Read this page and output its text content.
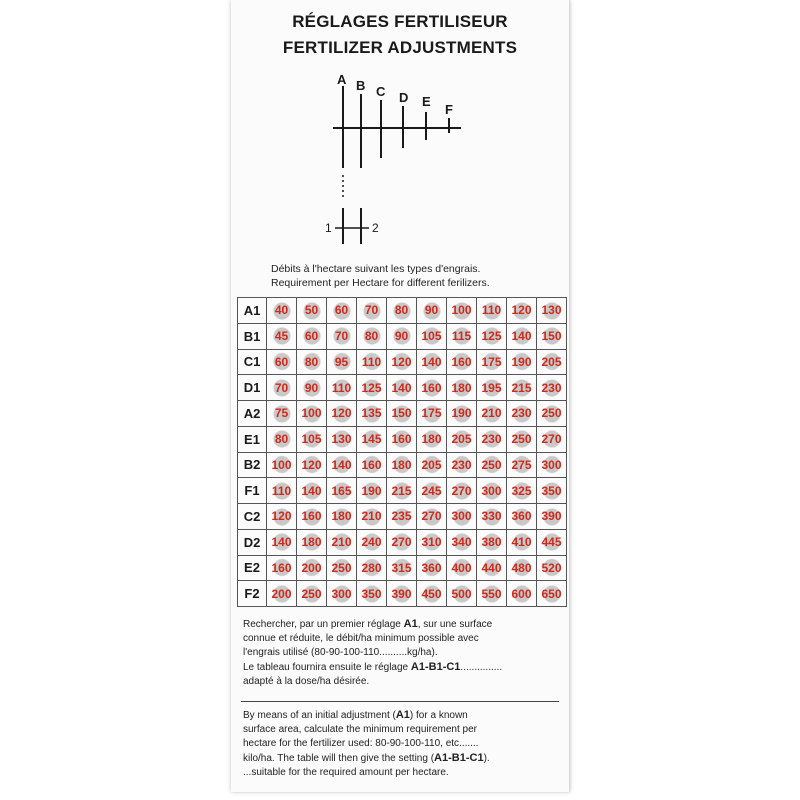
RÉGLAGES FERTILISEUR
FERTILIZER ADJUSTMENTS
A B C D E
F
1	2
Débits à l'hectare suivant les types d'engrais.
Requirement per Hectare for different ferilizers.
A1	40	50	60	70	80	90	100	110	120	130
B1	45	60	70	80	90	105	115	125	140	150
C1	60	80	95	110	120	140	160	175	190	205
D1	70	90	110	125	140	160	180	195	215	230
A2	75	100	120	135	150	175	190	210	230	250
E1	80	105	130	145	160	180	205	230	250	270
B2	100	120	140	160	180	205	230	250	275	300
F1	110	140	165	190	215	245	270	300	325	350
C2	120	160	180	210	235	270	300	330	360	390
D2	140	180	210	240	270	310	340	380	410	445
E2	160	200	250	280	315	360	400	440	480	520
F2	200	250	300	350	390	450	500	550	600	650
Rechercher, par un premier réglage A1, sur une surface
connue et réduite, le débit/ha minimum possible avec
l'engrais utilisé (80-90-100-110..........kg/ha).
Le tableau fournira ensuite le réglage A1-B1-C1...............
adapté à la dose/ha désirée.
By means of an initial adjustment (A1) for a known
surface area, calculate the minimum requirement per
hectare for the fertilizer used: 80-90-100-110, etc.......
kilo/ha. The table will then give the setting (A1-B1-C1).
...suitable for the required amount per hectare.
